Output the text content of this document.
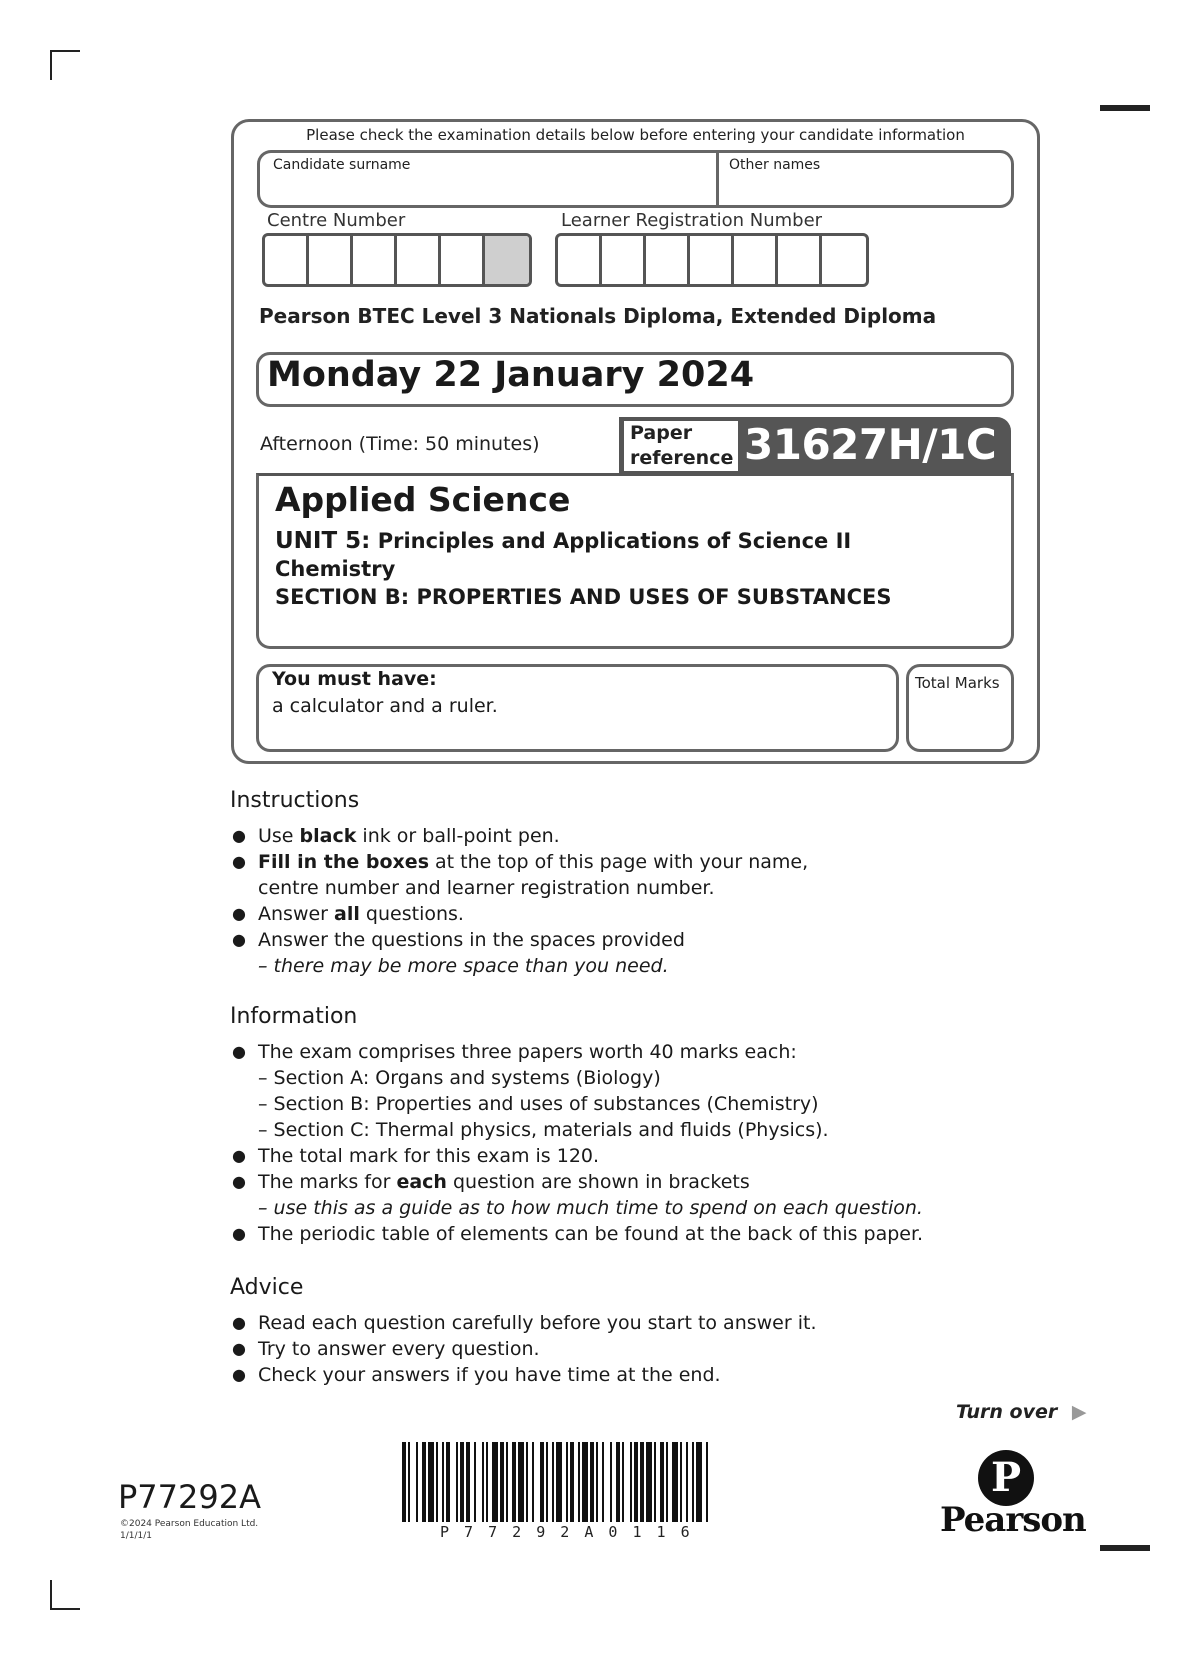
Please check the examination details below before entering your candidate information
Candidate surname	Other names
Centre Number	Learner Registration Number
Pearson BTEC Level 3 Nationals Diploma, Extended Diploma
Monday 22 January 2024
Afternoon (Time: 50 minutes)	Paper
reference 31627H/1C
Applied Science
UNIT 5: Principles and Applications of Science II
Chemistry
SECTION B: PROPERTIES AND USES OF SUBSTANCES
You must have:
a calculator and a ruler.
Total Marks
Instructions
● Use black ink or ball-point pen.
● Fill in the boxes at the top of this page with your name,
centre number and learner registration number.
● Answer all questions.
● Answer the questions in the spaces provided
– there may be more space than you need.
Information
● The exam comprises three papers worth 40 marks each:
– Section A: Organs and systems (Biology)
– Section B: Properties and uses of substances (Chemistry)
– Section C: Thermal physics, materials and fluids (Physics).
● The total mark for this exam is 120.
● The marks for each question are shown in brackets
– use this as a guide as to how much time to spend on each question.
● The periodic table of elements can be found at the back of this paper.
Advice
● Read each question carefully before you start to answer it.
● Try to answer every question.
● Check your answers if you have time at the end.
Turn over ▶
P77292A
©2024 Pearson Education Ltd.
1/1/1/1	P 7 7 2 9 2 A 0 1 1 6
P
Pearson
